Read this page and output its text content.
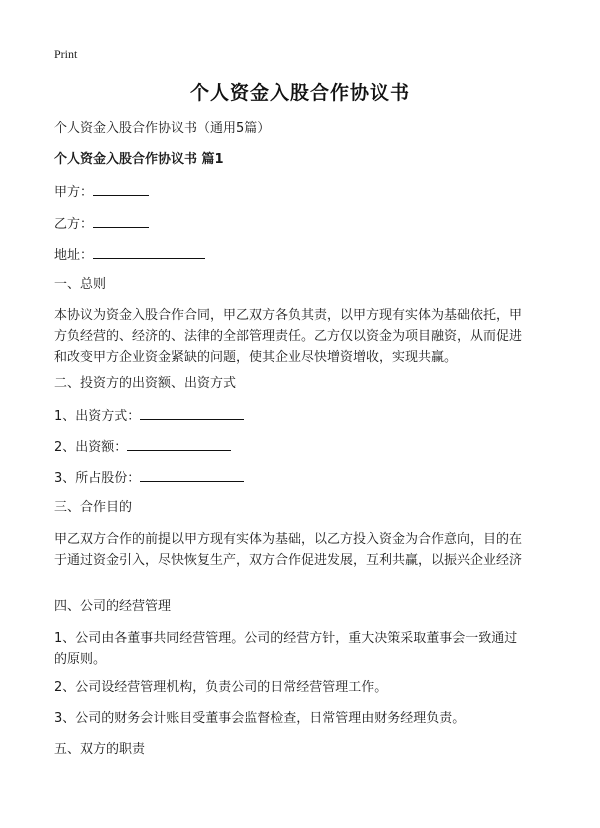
Print
个人资金入股合作协议书
个人资金入股合作协议书（通用5篇）
个人资金入股合作协议书 篇1
甲方：
乙方：
地址：
一、总则
本协议为资金入股合作合同，甲乙双方各负其责，以甲方现有实体为基础依托，甲
方负经营的、经济的、法律的全部管理责任。乙方仅以资金为项目融资，从而促进
和改变甲方企业资金紧缺的问题，使其企业尽快增资增收，实现共赢。
二、投资方的出资额、出资方式
1、出资方式：
2、出资额：
3、所占股份：
三、合作目的
甲乙双方合作的前提以甲方现有实体为基础，以乙方投入资金为合作意向，目的在
于通过资金引入，尽快恢复生产，双方合作促进发展，互利共赢，以振兴企业经济
四、公司的经营管理
1、公司由各董事共同经营管理。公司的经营方针，重大决策采取董事会一致通过
的原则。
2、公司设经营管理机构，负责公司的日常经营管理工作。
3、公司的财务会计账目受董事会监督检查，日常管理由财务经理负责。
五、双方的职责
